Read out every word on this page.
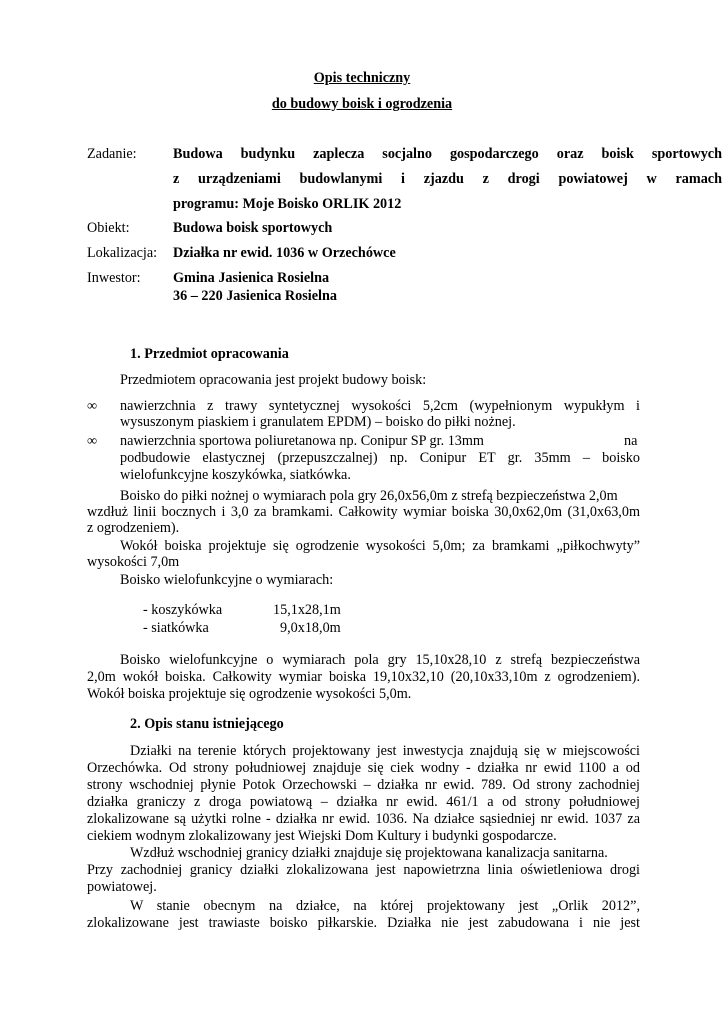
Opis techniczny
do budowy boisk i ogrodzenia
Zadanie:	Budowa budynku zaplecza socjalno gospodarczego oraz boisk sportowych
z urządzeniami budowlanymi i zjazdu z drogi powiatowej w ramach
programu: Moje Boisko ORLIK 2012
Obiekt:	Budowa boisk sportowych
Lokalizacja: Działka nr ewid. 1036 w Orzechówce
Inwestor: Gmina Jasienica Rosielna
36 – 220 Jasienica Rosielna
1. Przedmiot opracowania
Przedmiotem opracowania jest projekt budowy boisk:
∞ nawierzchnia z trawy syntetycznej wysokości 5,2cm (wypełnionym wypukłym i
wysuszonym piaskiem i granulatem EPDM) – boisko do piłki nożnej.
∞ nawierzchnia sportowa poliuretanowa np. Conipur SP gr. 13mm	na
podbudowie elastycznej (przepuszczalnej) np. Conipur ET gr. 35mm – boisko
wielofunkcyjne koszykówka, siatkówka.
Boisko do piłki nożnej o wymiarach pola gry 26,0x56,0m z strefą bezpieczeństwa 2,0m
wzdłuż linii bocznych i 3,0 za bramkami. Całkowity wymiar boiska 30,0x62,0m (31,0x63,0m
z ogrodzeniem).
Wokół boiska projektuje się ogrodzenie wysokości 5,0m; za bramkami „piłkochwyty”
wysokości 7,0m
Boisko wielofunkcyjne o wymiarach:
- koszykówka	15,1x28,1m
- siatkówka	9,0x18,0m
Boisko wielofunkcyjne o wymiarach pola gry 15,10x28,10 z strefą bezpieczeństwa
2,0m wokół boiska. Całkowity wymiar boiska 19,10x32,10 (20,10x33,10m z ogrodzeniem).
Wokół boiska projektuje się ogrodzenie wysokości 5,0m.
2. Opis stanu istniejącego
Działki na terenie których projektowany jest inwestycja znajdują się w miejscowości
Orzechówka. Od strony południowej znajduje się ciek wodny - działka nr ewid 1100 a od
strony wschodniej płynie Potok Orzechowski – działka nr ewid. 789. Od strony zachodniej
działka graniczy z droga powiatową – działka nr ewid. 461/1 a od strony południowej
zlokalizowane są użytki rolne - działka nr ewid. 1036. Na działce sąsiedniej nr ewid. 1037 za
ciekiem wodnym zlokalizowany jest Wiejski Dom Kultury i budynki gospodarcze.
Wzdłuż wschodniej granicy działki znajduje się projektowana kanalizacja sanitarna.
Przy zachodniej granicy działki zlokalizowana jest napowietrzna linia oświetleniowa drogi
powiatowej.
W stanie obecnym na działce, na której projektowany jest „Orlik 2012”,
zlokalizowane jest trawiaste boisko piłkarskie. Działka nie jest zabudowana i nie jest
